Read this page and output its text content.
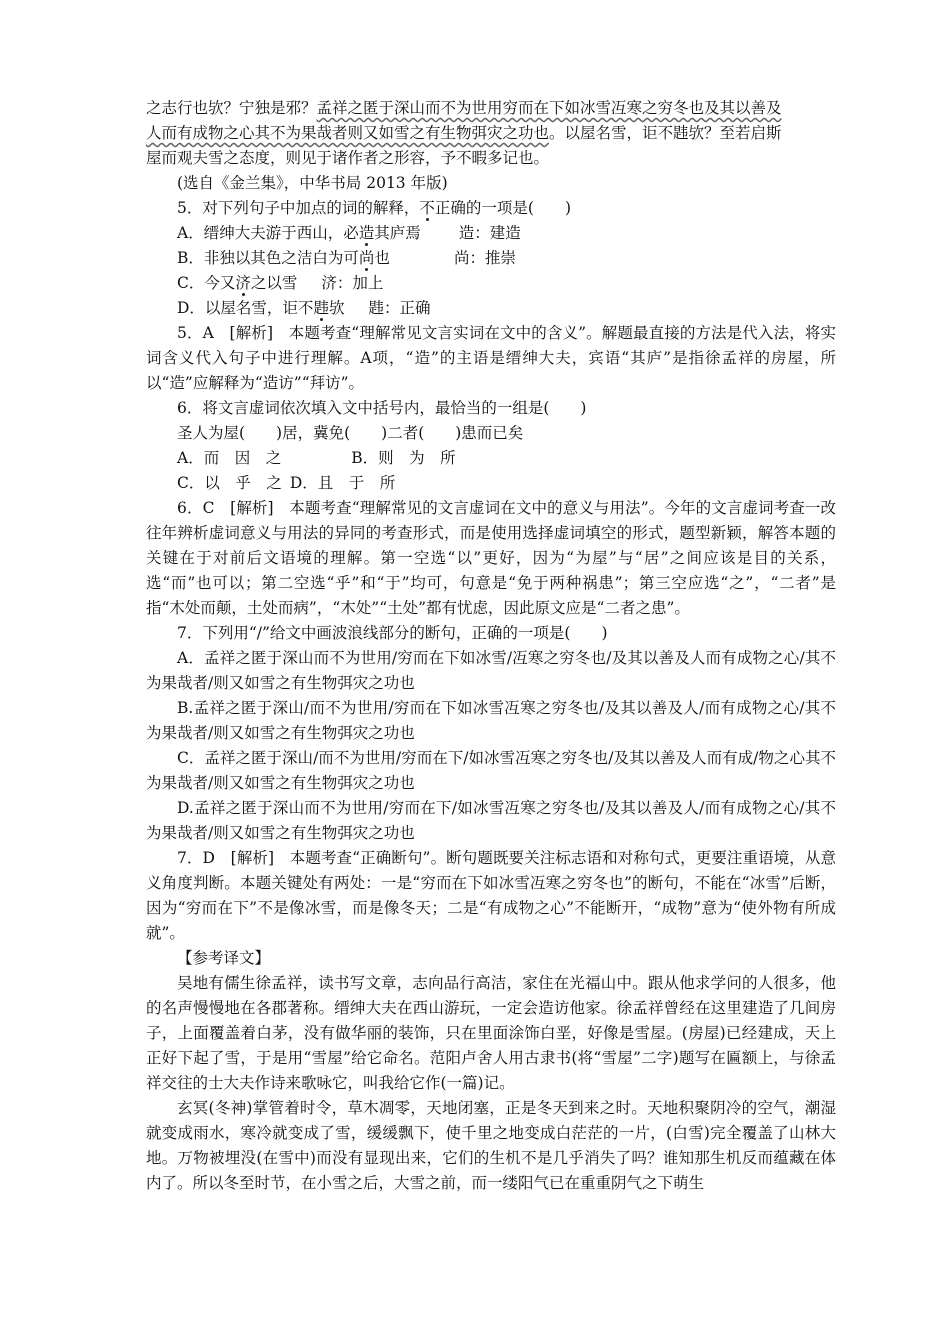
之志行也欤？宁独是邪？孟祥之匿于深山而不为世用穷而在下如冰雪冱寒之穷冬也及其以善及

人而有成物之心其不为果哉者则又如雪之有生物弭灾之功也。以屋名雪，讵不韪欤？至若启斯

屋而观夫雪之态度，则见于诸作者之形容，予不暇多记也。

(选自《金兰集》，中华书局 2013 年版)

5．对下列句子中加点的词的解释，不正确的一项是(　　)

A．缙绅大夫游于西山，必造其庐焉 造：建造

B．非独以其色之洁白为可尚也	尚：推崇

C．今又济之以雪 济：加上

D．以屋名雪，讵不韪欤 韪：正确

5．A　[解析]　本题考查“理解常见文言实词在文中的含义”。解题最直接的方法是代入法，将实词含义代入句子中进行理解。A项，“造”的主语是缙绅大夫，宾语“其庐”是指徐孟祥的房屋，所以“造”应解释为“造访”“拜访”。

6．将文言虚词依次填入文中括号内，最恰当的一组是(　　)

圣人为屋(　　)居，冀免(　　)二者(　　)患而已矣

A．而　因　之	B．则　为　所

C．以　乎　之 D．且　于　所

6．C　[解析]　本题考查“理解常见的文言虚词在文中的意义与用法”。今年的文言虚词考查一改往年辨析虚词意义与用法的异同的考查形式，而是使用选择虚词填空的形式，题型新颖，解答本题的关键在于对前后文语境的理解。第一空选“以”更好，因为“为屋”与“居”之间应该是目的关系，选“而”也可以；第二空选“乎”和“于”均可，句意是“免于两种祸患”；第三空应选“之”，“二者”是指“木处而颠，土处而病”，“木处”“土处”都有忧虑，因此原文应是“二者之患”。

7．下列用“/”给文中画波浪线部分的断句，正确的一项是(　　)

A．孟祥之匿于深山而不为世用/穷而在下如冰雪/冱寒之穷冬也/及其以善及人而有成物之心/其不为果哉者/则又如雪之有生物弭灾之功也

B.孟祥之匿于深山/而不为世用/穷而在下如冰雪冱寒之穷冬也/及其以善及人/而有成物之心/其不为果哉者/则又如雪之有生物弭灾之功也

C．孟祥之匿于深山/而不为世用/穷而在下/如冰雪冱寒之穷冬也/及其以善及人而有成/物之心其不为果哉者/则又如雪之有生物弭灾之功也

D.孟祥之匿于深山而不为世用/穷而在下/如冰雪冱寒之穷冬也/及其以善及人/而有成物之心/其不为果哉者/则又如雪之有生物弭灾之功也

7．D　[解析]　本题考查“正确断句”。断句题既要关注标志语和对称句式，更要注重语境，从意义角度判断。本题关键处有两处：一是“穷而在下如冰雪冱寒之穷冬也”的断句，不能在“冰雪”后断，因为“穷而在下”不是像冰雪，而是像冬天；二是“有成物之心”不能断开，“成物”意为“使外物有所成就”。

【参考译文】

吴地有儒生徐孟祥，读书写文章，志向品行高洁，家住在光福山中。跟从他求学问的人很多，他的名声慢慢地在各郡著称。缙绅大夫在西山游玩，一定会造访他家。徐孟祥曾经在这里建造了几间房子，上面覆盖着白茅，没有做华丽的装饰，只在里面涂饰白垩，好像是雪屋。(房屋)已经建成，天上正好下起了雪，于是用“雪屋”给它命名。范阳卢舍人用古隶书(将“雪屋”二字)题写在匾额上，与徐孟祥交往的士大夫作诗来歌咏它，叫我给它作(一篇)记。

玄冥(冬神)掌管着时令，草木凋零，天地闭塞，正是冬天到来之时。天地积聚阴冷的空气，潮湿就变成雨水，寒冷就变成了雪，缓缓飘下，使千里之地变成白茫茫的一片，(白雪)完全覆盖了山林大地。万物被埋没(在雪中)而没有显现出来，它们的生机不是几乎消失了吗？谁知那生机反而蕴藏在体内了。所以冬至时节，在小雪之后，大雪之前，而一缕阳气已在重重阴气之下萌生
